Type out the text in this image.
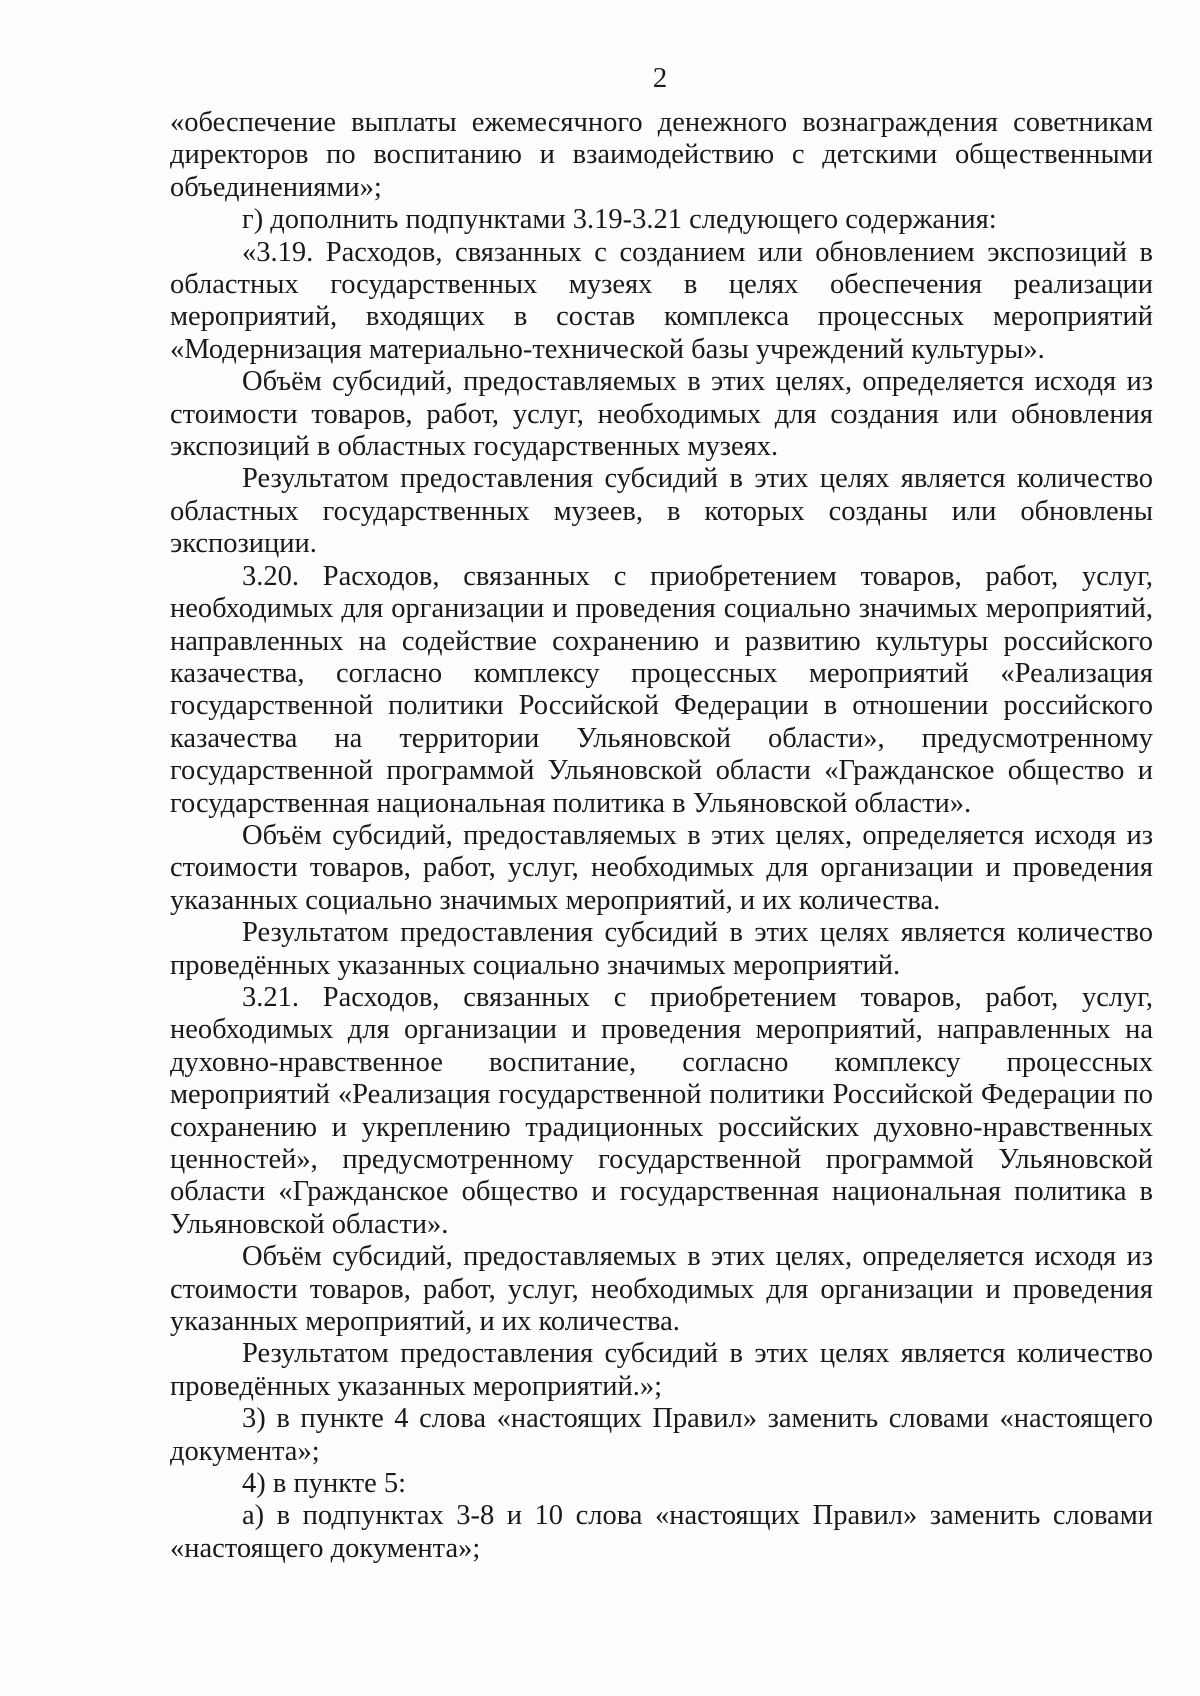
2

«обеспечение выплаты ежемесячного денежного вознаграждения советникам директоров по воспитанию и взаимодействию с детскими общественными объединениями»;

г) дополнить подпунктами 3.19-3.21 следующего содержания:

«3.19. Расходов, связанных с созданием или обновлением экспозиций в областных государственных музеях в целях обеспечения реализации мероприятий, входящих в состав комплекса процессных мероприятий «Модернизация материально-технической базы учреждений культуры».

Объём субсидий, предоставляемых в этих целях, определяется исходя из стоимости товаров, работ, услуг, необходимых для создания или обновления экспозиций в областных государственных музеях.

Результатом предоставления субсидий в этих целях является количество областных государственных музеев, в которых созданы или обновлены экспозиции.

3.20. Расходов, связанных с приобретением товаров, работ, услуг, необходимых для организации и проведения социально значимых мероприятий, направленных на содействие сохранению и развитию культуры российского казачества, согласно комплексу процессных мероприятий «Реализация государственной политики Российской Федерации в отношении российского казачества на территории Ульяновской области», предусмотренному государственной программой Ульяновской области «Гражданское общество и государственная национальная политика в Ульяновской области».

Объём субсидий, предоставляемых в этих целях, определяется исходя из стоимости товаров, работ, услуг, необходимых для организации и проведения указанных социально значимых мероприятий, и их количества.

Результатом предоставления субсидий в этих целях является количество проведённых указанных социально значимых мероприятий.

3.21. Расходов, связанных с приобретением товаров, работ, услуг, необходимых для организации и проведения мероприятий, направленных на духовно-нравственное воспитание, согласно комплексу процессных мероприятий «Реализация государственной политики Российской Федерации по сохранению и укреплению традиционных российских духовно-нравственных ценностей», предусмотренному государственной программой Ульяновской области «Гражданское общество и государственная национальная политика в Ульяновской области».

Объём субсидий, предоставляемых в этих целях, определяется исходя из стоимости товаров, работ, услуг, необходимых для организации и проведения указанных мероприятий, и их количества.

Результатом предоставления субсидий в этих целях является количество проведённых указанных мероприятий.»;

3) в пункте 4 слова «настоящих Правил» заменить словами «настоящего документа»;

4) в пункте 5:

а) в подпунктах 3-8 и 10 слова «настоящих Правил» заменить словами «настоящего документа»;
